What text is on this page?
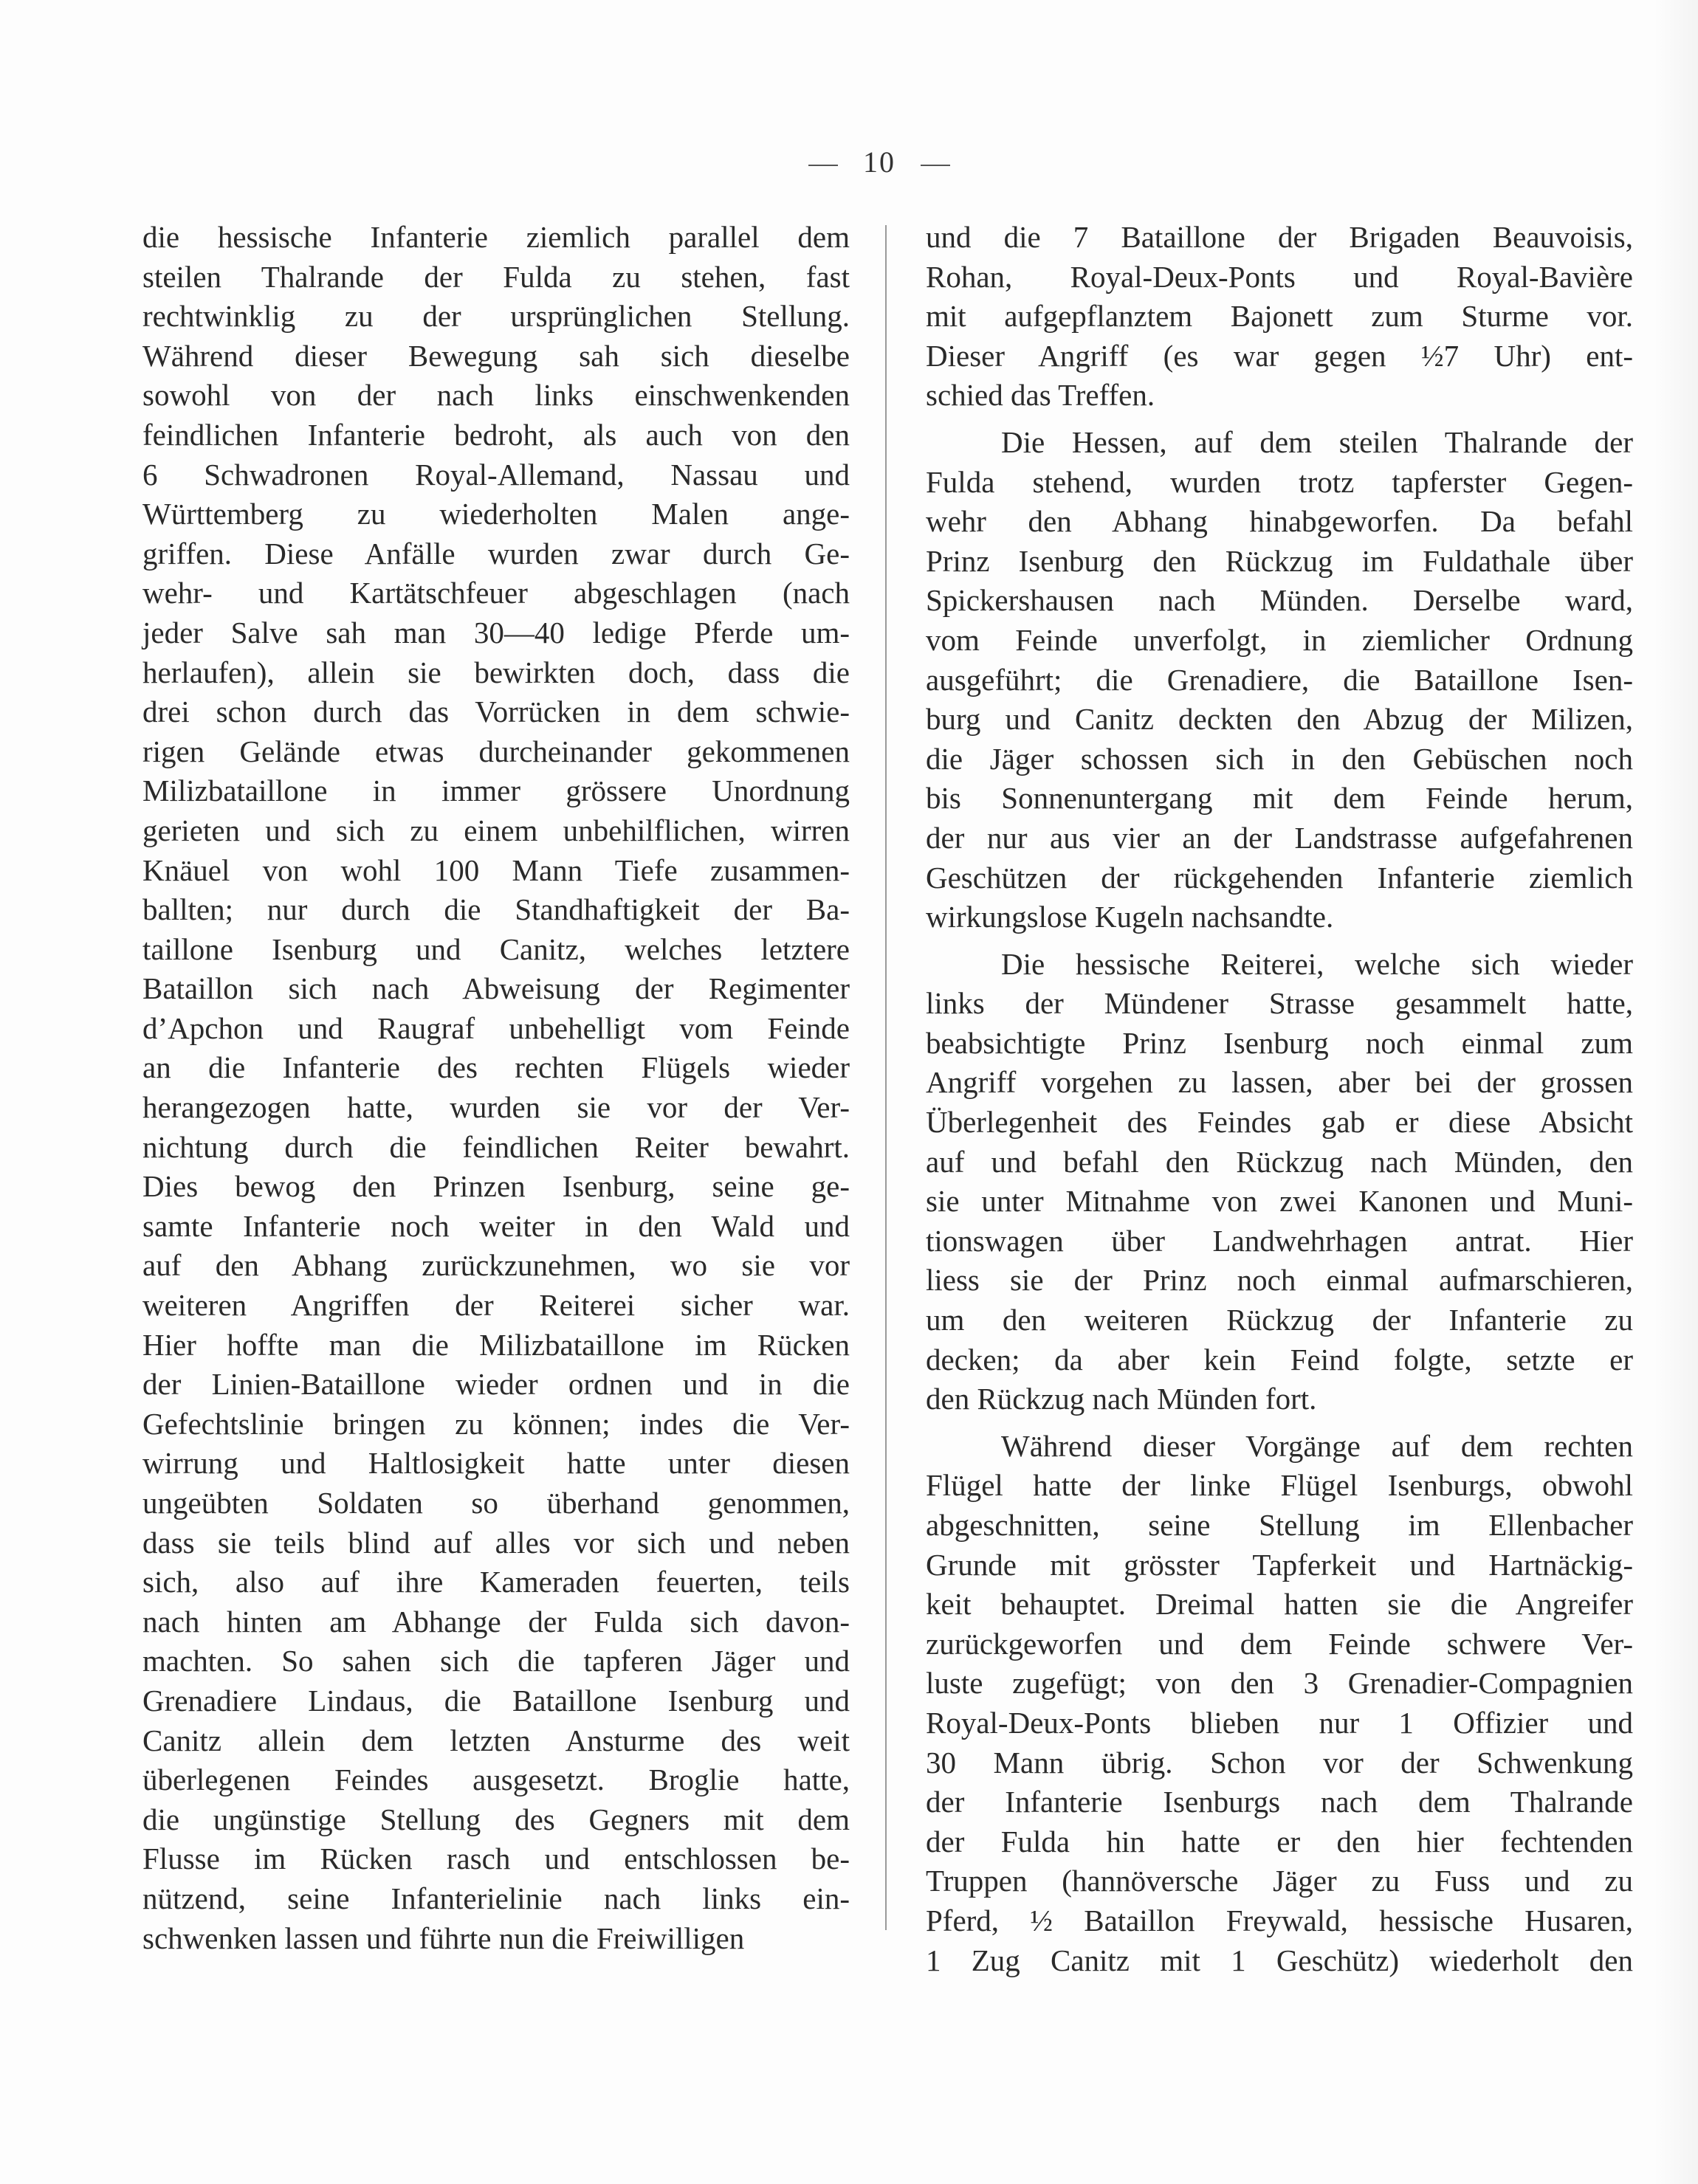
10
die hessische Infanterie ziemlich parallel dem
steilen Thalrande der Fulda zu stehen, fast
rechtwinklig zu der ursprünglichen Stellung.
Während dieser Bewegung sah sich dieselbe
sowohl von der nach links einschwenkenden
feindlichen Infanterie bedroht, als auch von den
6 Schwadronen Royal-Allemand, Nassau und
Württemberg zu wiederholten Malen ange-
griffen. Diese Anfälle wurden zwar durch Ge-
wehr- und Kartätschfeuer abgeschlagen (nach
jeder Salve sah man 30—40 ledige Pferde um-
herlaufen), allein sie bewirkten doch, dass die
drei schon durch das Vorrücken in dem schwie-
rigen Gelände etwas durcheinander gekommenen
Milizbataillone in immer grössere Unordnung
gerieten und sich zu einem unbehilflichen, wirren
Knäuel von wohl 100 Mann Tiefe zusammen-
ballten; nur durch die Standhaftigkeit der Ba-
taillone Isenburg und Canitz, welches letztere
Bataillon sich nach Abweisung der Regimenter
d’Apchon und Raugraf unbehelligt vom Feinde
an die Infanterie des rechten Flügels wieder
herangezogen hatte, wurden sie vor der Ver-
nichtung durch die feindlichen Reiter bewahrt.
Dies bewog den Prinzen Isenburg, seine ge-
samte Infanterie noch weiter in den Wald und
auf den Abhang zurückzunehmen, wo sie vor
weiteren Angriffen der Reiterei sicher war.
Hier hoffte man die Milizbataillone im Rücken
der Linien-Bataillone wieder ordnen und in die
Gefechtslinie bringen zu können; indes die Ver-
wirrung und Haltlosigkeit hatte unter diesen
ungeübten Soldaten so überhand genommen,
dass sie teils blind auf alles vor sich und neben
sich, also auf ihre Kameraden feuerten, teils
nach hinten am Abhange der Fulda sich davon-
machten. So sahen sich die tapferen Jäger und
Grenadiere Lindaus, die Bataillone Isenburg und
Canitz allein dem letzten Ansturme des weit
überlegenen Feindes ausgesetzt. Broglie hatte,
die ungünstige Stellung des Gegners mit dem
Flusse im Rücken rasch und entschlossen be-
nützend, seine Infanterielinie nach links ein-
schwenken lassen und führte nun die Freiwilligen
und die 7 Bataillone der Brigaden Beauvoisis,
Rohan, Royal-Deux-Ponts und Royal-Bavière
mit aufgepflanztem Bajonett zum Sturme vor.
Dieser Angriff (es war gegen ½7 Uhr) ent-
schied das Treffen.
Die Hessen, auf dem steilen Thalrande der
Fulda stehend, wurden trotz tapferster Gegen-
wehr den Abhang hinabgeworfen. Da befahl
Prinz Isenburg den Rückzug im Fuldathale über
Spickershausen nach Münden. Derselbe ward,
vom Feinde unverfolgt, in ziemlicher Ordnung
ausgeführt; die Grenadiere, die Bataillone Isen-
burg und Canitz deckten den Abzug der Milizen,
die Jäger schossen sich in den Gebüschen noch
bis Sonnenuntergang mit dem Feinde herum,
der nur aus vier an der Landstrasse aufgefahrenen
Geschützen der rückgehenden Infanterie ziemlich
wirkungslose Kugeln nachsandte.
Die hessische Reiterei, welche sich wieder
links der Mündener Strasse gesammelt hatte,
beabsichtigte Prinz Isenburg noch einmal zum
Angriff vorgehen zu lassen, aber bei der grossen
Überlegenheit des Feindes gab er diese Absicht
auf und befahl den Rückzug nach Münden, den
sie unter Mitnahme von zwei Kanonen und Muni-
tionswagen über Landwehrhagen antrat. Hier
liess sie der Prinz noch einmal aufmarschieren,
um den weiteren Rückzug der Infanterie zu
decken; da aber kein Feind folgte, setzte er
den Rückzug nach Münden fort.
Während dieser Vorgänge auf dem rechten
Flügel hatte der linke Flügel Isenburgs, obwohl
abgeschnitten, seine Stellung im Ellenbacher
Grunde mit grösster Tapferkeit und Hartnäckig-
keit behauptet. Dreimal hatten sie die Angreifer
zurückgeworfen und dem Feinde schwere Ver-
luste zugefügt; von den 3 Grenadier-Compagnien
Royal-Deux-Ponts blieben nur 1 Offizier und
30 Mann übrig. Schon vor der Schwenkung
der Infanterie Isenburgs nach dem Thalrande
der Fulda hin hatte er den hier fechtenden
Truppen (hannöversche Jäger zu Fuss und zu
Pferd, ½ Bataillon Freywald, hessische Husaren,
1 Zug Canitz mit 1 Geschütz) wiederholt den
